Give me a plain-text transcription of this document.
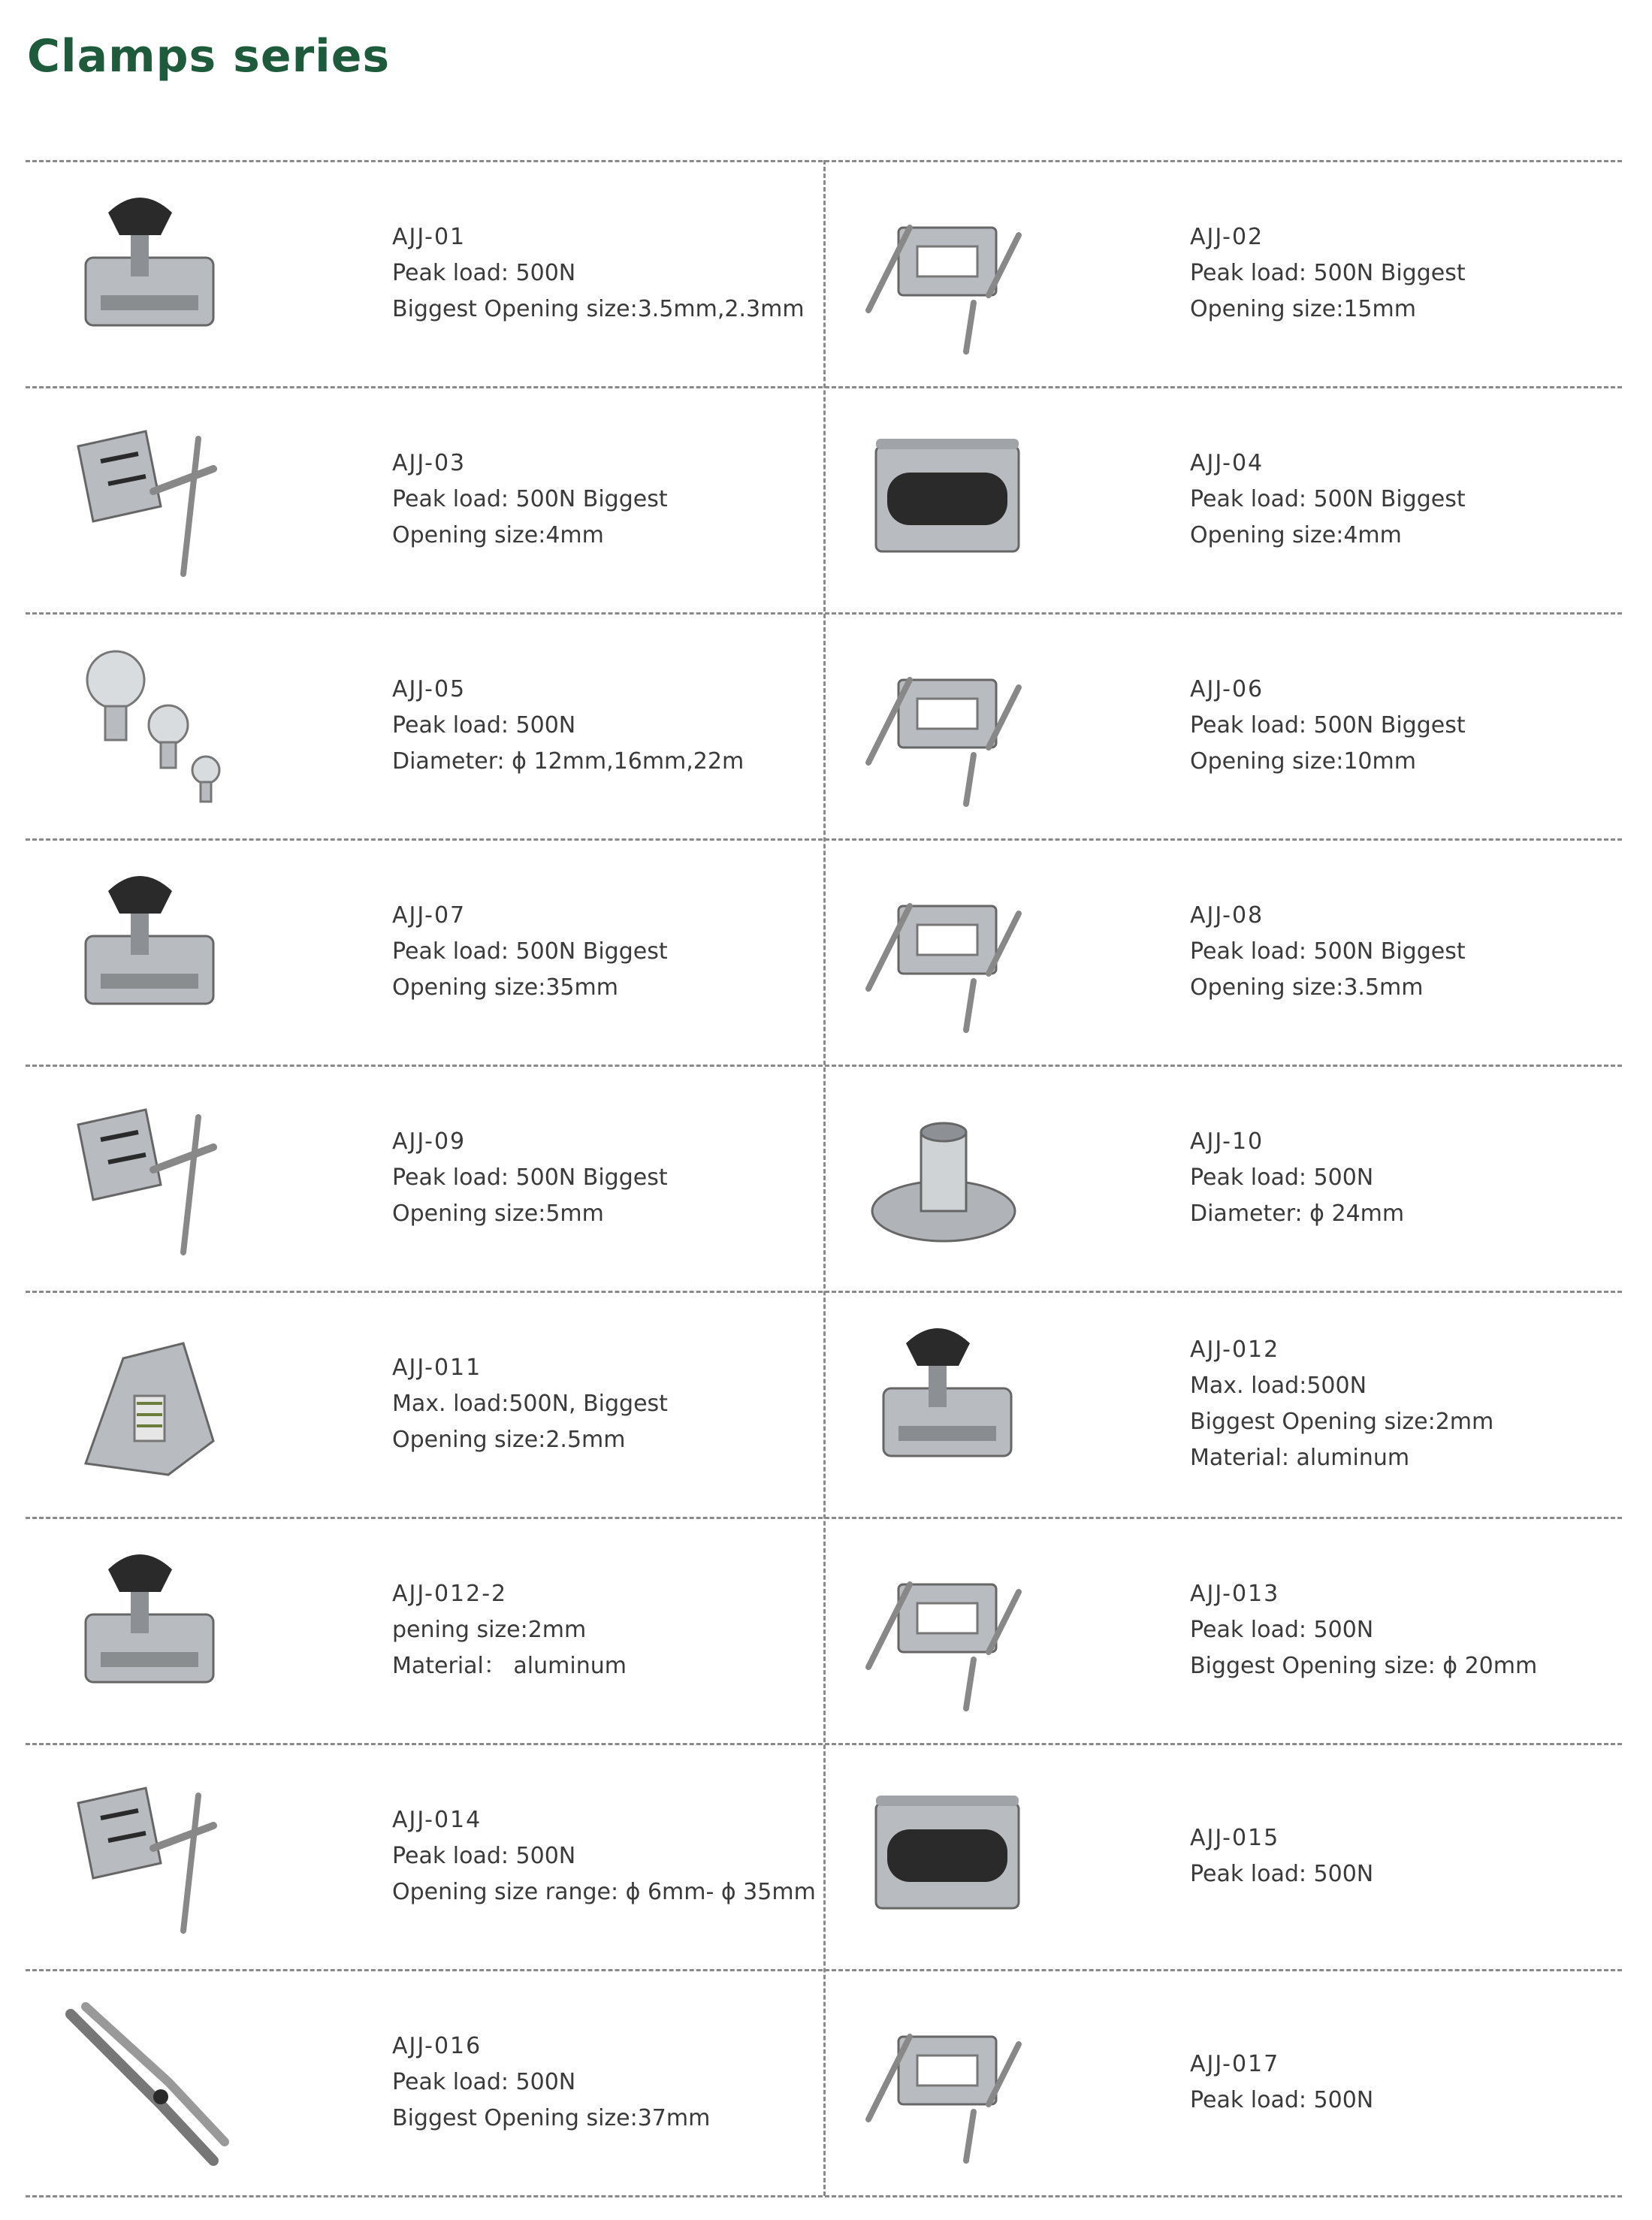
Clamps series
AJJ-01
Peak load: 500N
Biggest Opening size:3.5mm,2.3mm
AJJ-02
Peak load: 500N Biggest
Opening size:15mm
AJJ-03
Peak load: 500N Biggest
Opening size:4mm
AJJ-04
Peak load: 500N Biggest
Opening size:4mm
AJJ-05
Peak load: 500N
Diameter: ϕ 12mm,16mm,22m
AJJ-06
Peak load: 500N Biggest
Opening size:10mm
AJJ-07
Peak load: 500N Biggest
Opening size:35mm
AJJ-08
Peak load: 500N Biggest
Opening size:3.5mm
AJJ-09
Peak load: 500N Biggest
Opening size:5mm
AJJ-10
Peak load: 500N
Diameter: ϕ 24mm
AJJ-011
Max. load:500N, Biggest
Opening size:2.5mm
AJJ-012
Max. load:500N
Biggest Opening size:2mm
Material: aluminum
AJJ-012-2
pening size:2mm
Material： aluminum
AJJ-013
Peak load: 500N
Biggest Opening size: ϕ 20mm
AJJ-014
Peak load: 500N
Opening size range: ϕ 6mm- ϕ 35mm
AJJ-015
Peak load: 500N
AJJ-016
Peak load: 500N
Biggest Opening size:37mm
AJJ-017
Peak load: 500N
